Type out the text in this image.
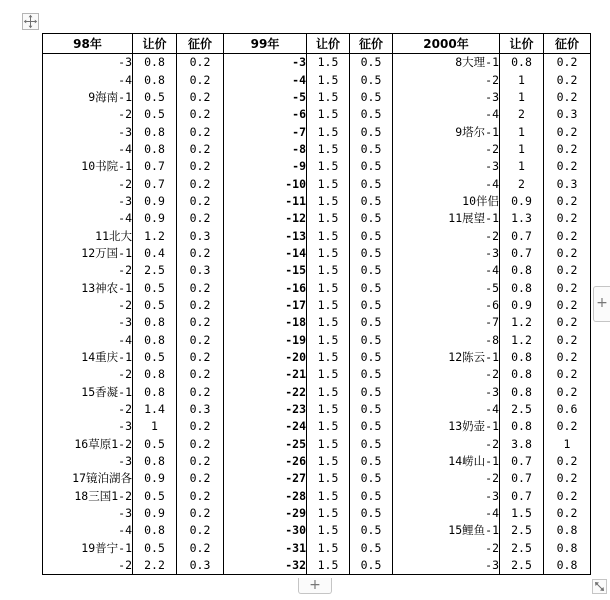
98年	让价	征价	99年	让价	征价	2000年	让价	征价
-3	0.8	0.2	-3	1.5	0.5	8大理-1	0.8	0.2
-4	0.8	0.2	-4	1.5	0.5	-2	1	0.2
9海南-1	0.5	0.2	-5	1.5	0.5	-3	1	0.2
-2	0.5	0.2	-6	1.5	0.5	-4	2	0.3
-3	0.8	0.2	-7	1.5	0.5	9塔尔-1	1	0.2
-4	0.8	0.2	-8	1.5	0.5	-2	1	0.2
10书院-1	0.7	0.2	-9	1.5	0.5	-3	1	0.2
-2	0.7	0.2	-10	1.5	0.5	-4	2	0.3
-3	0.9	0.2	-11	1.5	0.5	10伴侣	0.9	0.2
-4	0.9	0.2	-12	1.5	0.5	11展望-1	1.3	0.2
11北大	1.2	0.3	-13	1.5	0.5	-2	0.7	0.2
12万国-1	0.4	0.2	-14	1.5	0.5	-3	0.7	0.2
-2	2.5	0.3	-15	1.5	0.5	-4	0.8	0.2
13神农-1	0.5	0.2	-16	1.5	0.5	-5	0.8	0.2
-2	0.5	0.2	-17	1.5	0.5	-6	0.9	0.2
-3	0.8	0.2	-18	1.5	0.5	-7	1.2	0.2
-4	0.8	0.2	-19	1.5	0.5	-8	1.2	0.2
14重庆-1	0.5	0.2	-20	1.5	0.5	12陈云-1	0.8	0.2
-2	0.8	0.2	-21	1.5	0.5	-2	0.8	0.2
15香凝-1	0.8	0.2	-22	1.5	0.5	-3	0.8	0.2
-2	1.4	0.3	-23	1.5	0.5	-4	2.5	0.6
-3	1	0.2	-24	1.5	0.5	13奶壶-1	0.8	0.2
16草原1-2	0.5	0.2	-25	1.5	0.5	-2	3.8	1
-3	0.8	0.2	-26	1.5	0.5	14崂山-1	0.7	0.2
17镜泊湖各	0.9	0.2	-27	1.5	0.5	-2	0.7	0.2
18三国1-2	0.5	0.2	-28	1.5	0.5	-3	0.7	0.2
-3	0.9	0.2	-29	1.5	0.5	-4	1.5	0.2
-4	0.8	0.2	-30	1.5	0.5	15鲤鱼-1	2.5	0.8
19普宁-1	0.5	0.2	-31	1.5	0.5	-2	2.5	0.8
-2	2.2	0.3	-32	1.5	0.5	-3	2.5	0.8
+
+
